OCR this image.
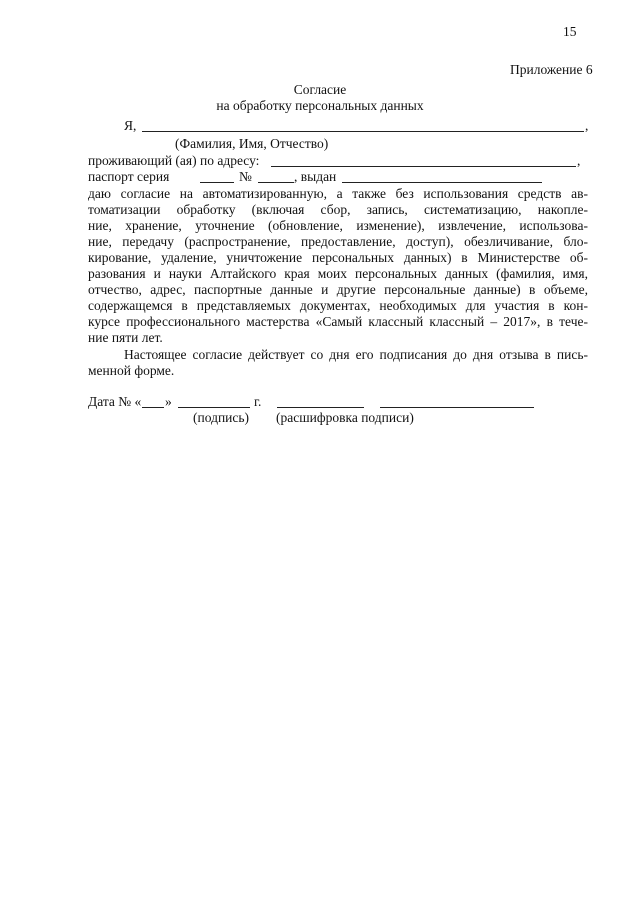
15
Приложение 6
Согласие
на обработку персональных данных
Я,	,
(Фамилия, Имя, Отчество)
проживающий (ая) по адресу:	,
паспорт серия	№	, выдан
даю согласие на автоматизированную, а также без использования средств ав-
томатизации обработку (включая сбор, запись, систематизацию, накопле-
ние, хранение, уточнение (обновление, изменение), извлечение, использова-
ние, передачу (распространение, предоставление, доступ), обезличивание, бло-
кирование, удаление, уничтожение персональных данных) в Министерстве об-
разования и науки Алтайского края моих персональных данных (фамилия, имя,
отчество, адрес, паспортные данные и другие персональные данные) в объеме,
содержащемся в представляемых документах, необходимых для участия в кон-
курсе профессионального мастерства «Самый классный классный – 2017», в тече-
ние пяти лет.
Настоящее согласие действует со дня его подписания до дня отзыва в пись-
менной форме.
Дата № « »	г.
(подпись) (расшифровка подписи)
